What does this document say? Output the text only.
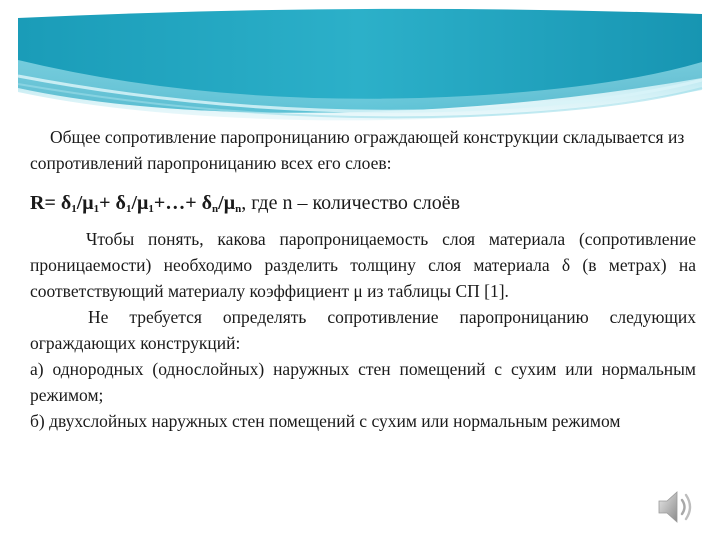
Общее сопротивление паропроницанию ограждающей конструкции складывается из сопротивлений паропроницанию всех его слоев:

$R= \delta_1/\mu_1+$ $\delta_1/\mu_1+\dots+ \delta_n/\mu_n$, где n – количество слоёв

Чтобы понять, какова паропроницаемость слоя материала (сопротивление проницаемости) необходимо разделить толщину слоя материала δ (в метрах) на соответствующий материалу коэффициент μ из таблицы СП [1].

Не требуется определять сопротивление паропроницанию следующих ограждающих конструкций:

а) однородных (однослойных) наружных стен помещений с сухим или нормальным режимом;

б) двухслойных наружных стен помещений с сухим или нормальным режимом
